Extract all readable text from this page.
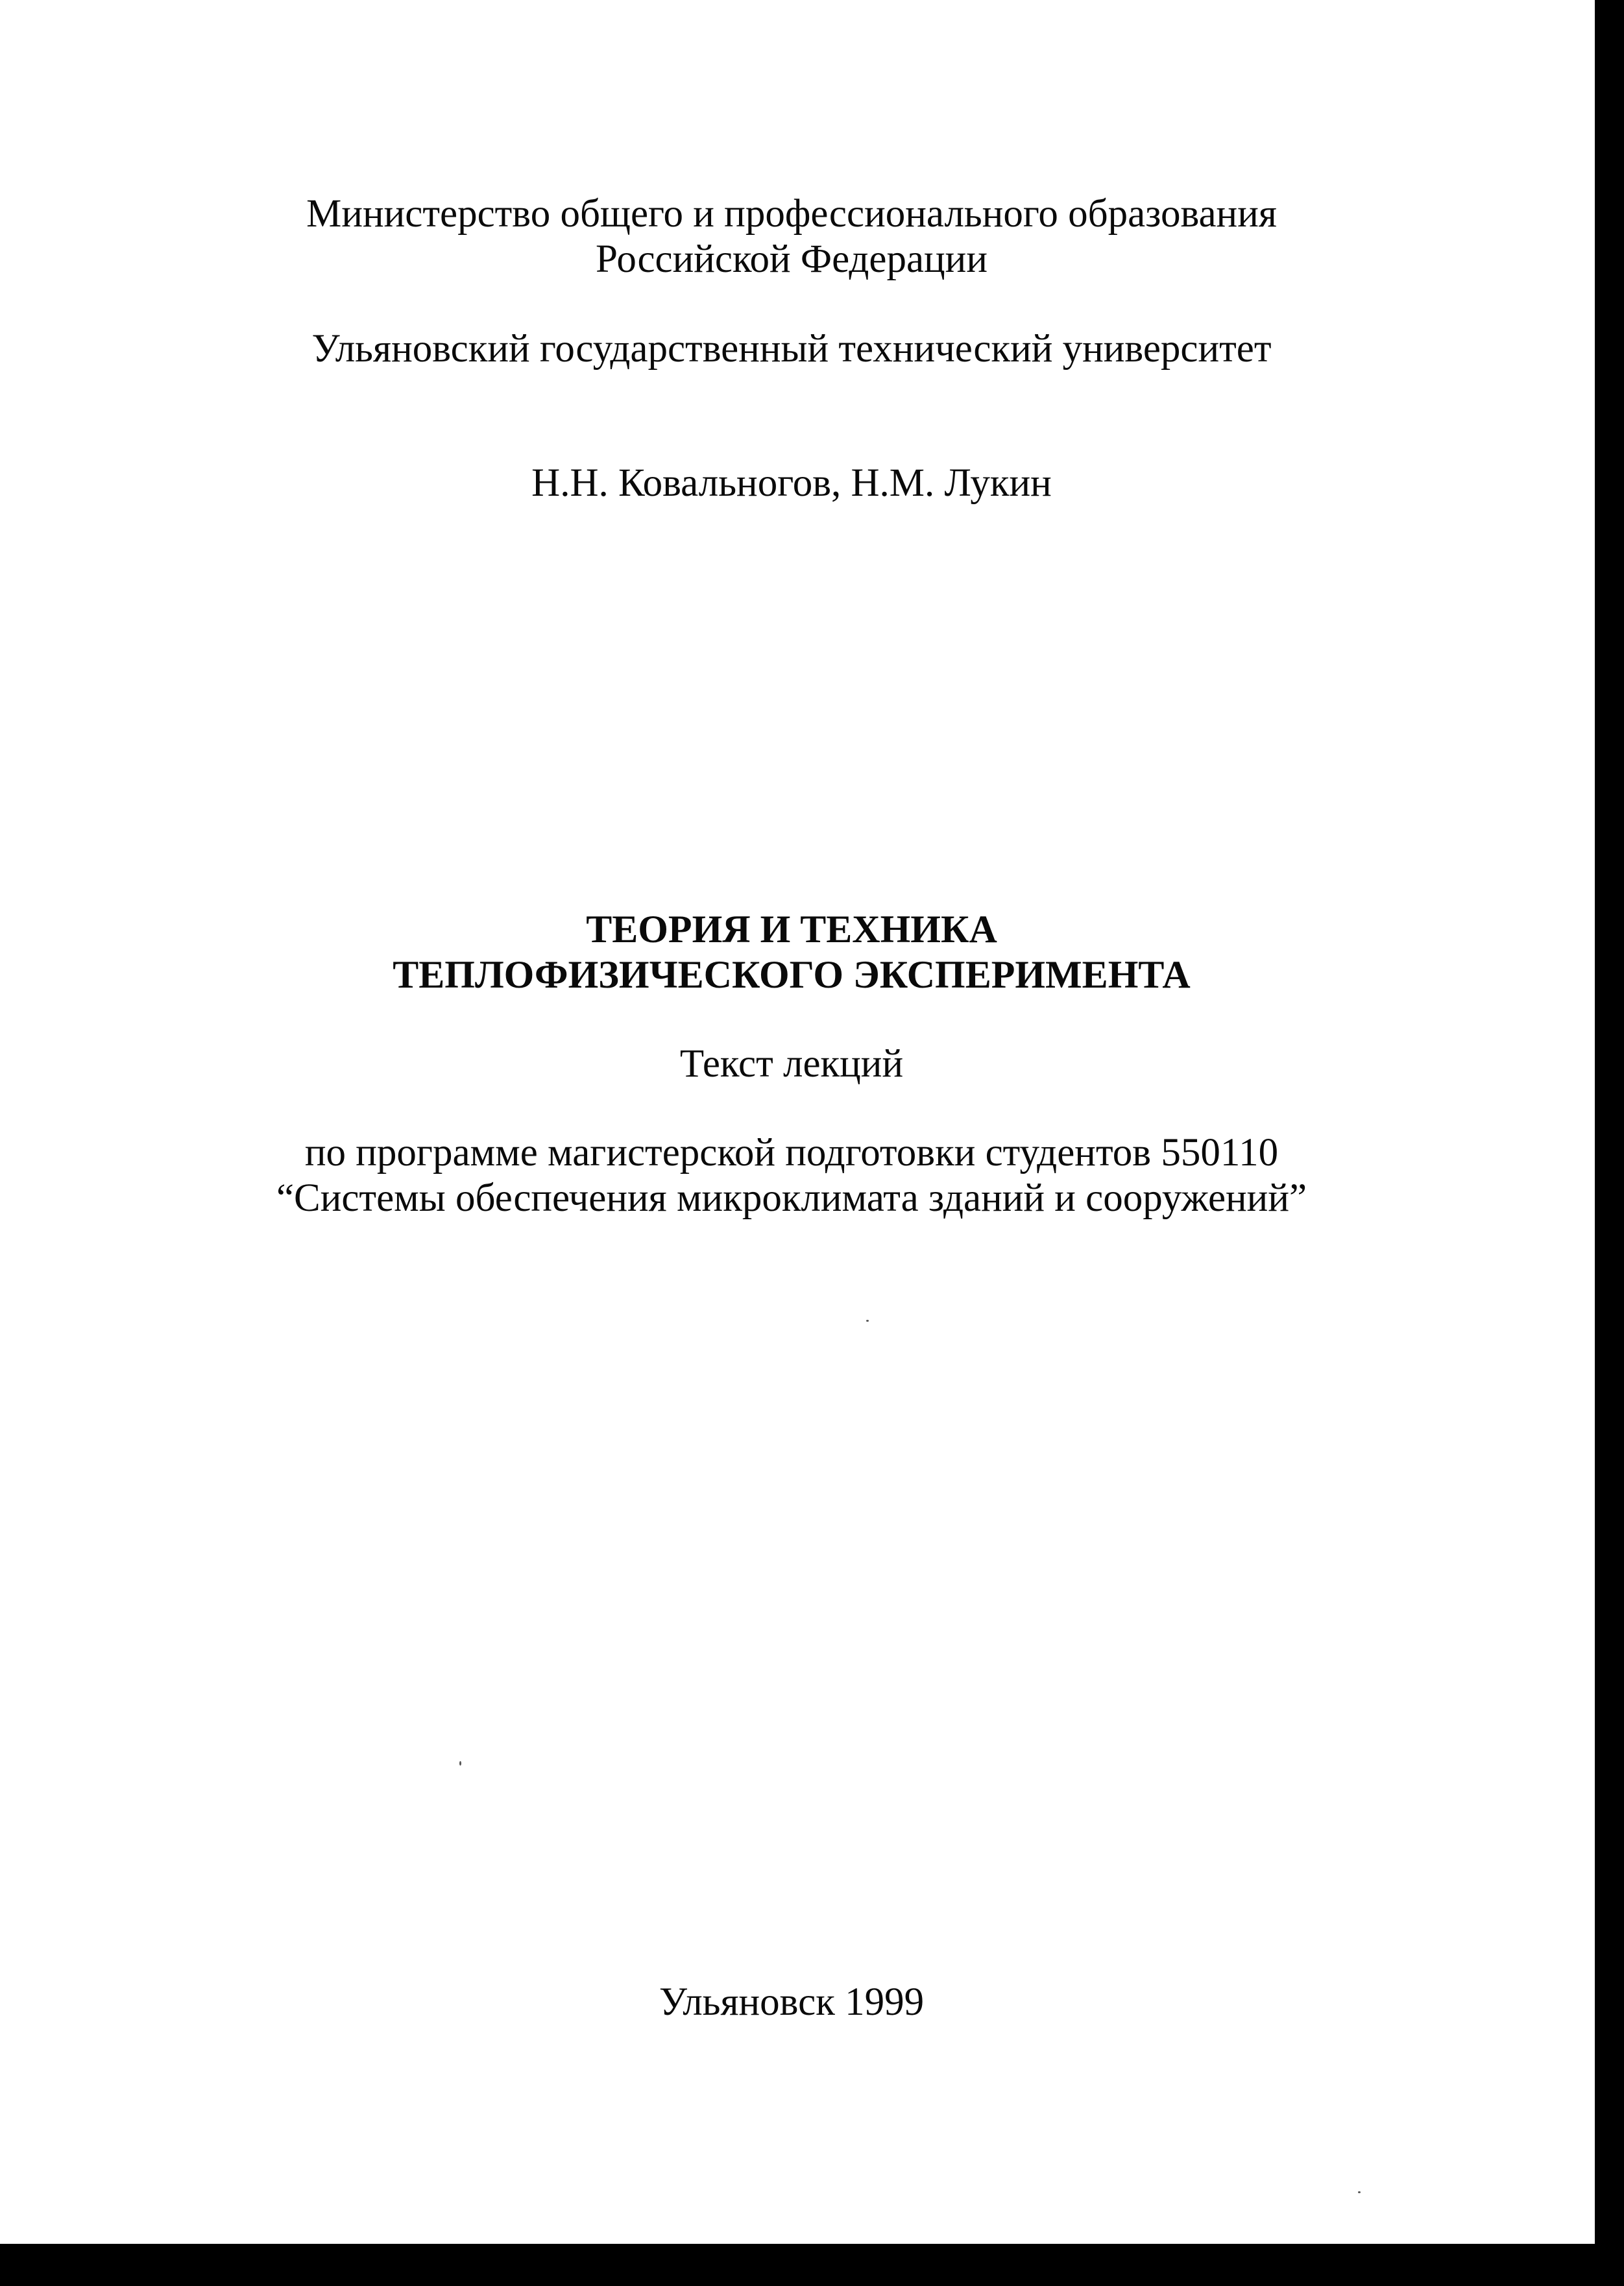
Министерство общего и профессионального образования
Российской Федерации
Ульяновский государственный технический университет
Н.Н. Ковальногов, Н.М. Лукин
ТЕОРИЯ И ТЕХНИКА
ТЕПЛОФИЗИЧЕСКОГО ЭКСПЕРИМЕНТА
Текст лекций
по программе магистерской подготовки студентов 550110
“Системы обеспечения микроклимата зданий и сооружений”
Ульяновск 1999
